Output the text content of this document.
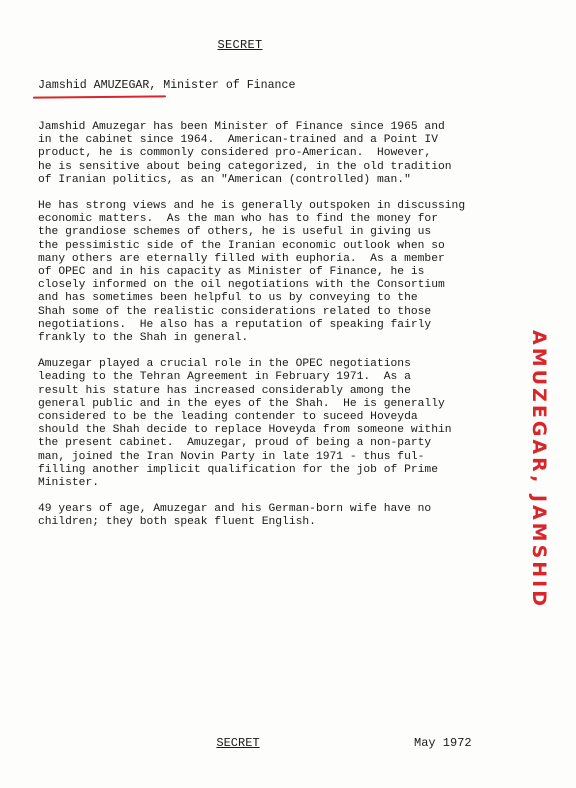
SECRET
Jamshid AMUZEGAR, Minister of Finance

Jamshid Amuzegar has been Minister of Finance since 1965 and
in the cabinet since 1964.  American-trained and a Point IV
product, he is commonly considered pro-American.  However,
he is sensitive about being categorized, in the old tradition
of Iranian politics, as an "American (controlled) man."

He has strong views and he is generally outspoken in discussing
economic matters.  As the man who has to find the money for
the grandiose schemes of others, he is useful in giving us
the pessimistic side of the Iranian economic outlook when so
many others are eternally filled with euphoria.  As a member
of OPEC and in his capacity as Minister of Finance, he is
closely informed on the oil negotiations with the Consortium
and has sometimes been helpful to us by conveying to the
Shah some of the realistic considerations related to those
negotiations.  He also has a reputation of speaking fairly
frankly to the Shah in general.

Amuzegar played a crucial role in the OPEC negotiations
leading to the Tehran Agreement in February 1971.  As a
result his stature has increased considerably among the
general public and in the eyes of the Shah.  He is generally
considered to be the leading contender to suceed Hoveyda
should the Shah decide to replace Hoveyda from someone within
the present cabinet.  Amuzegar, proud of being a non-party
man, joined the Iran Novin Party in late 1971 - thus ful-
filling another implicit qualification for the job of Prime
Minister.

49 years of age, Amuzegar and his German-born wife have no
children; they both speak fluent English.	AMUZEGAR, JAMSHID
SECRET	May 1972
